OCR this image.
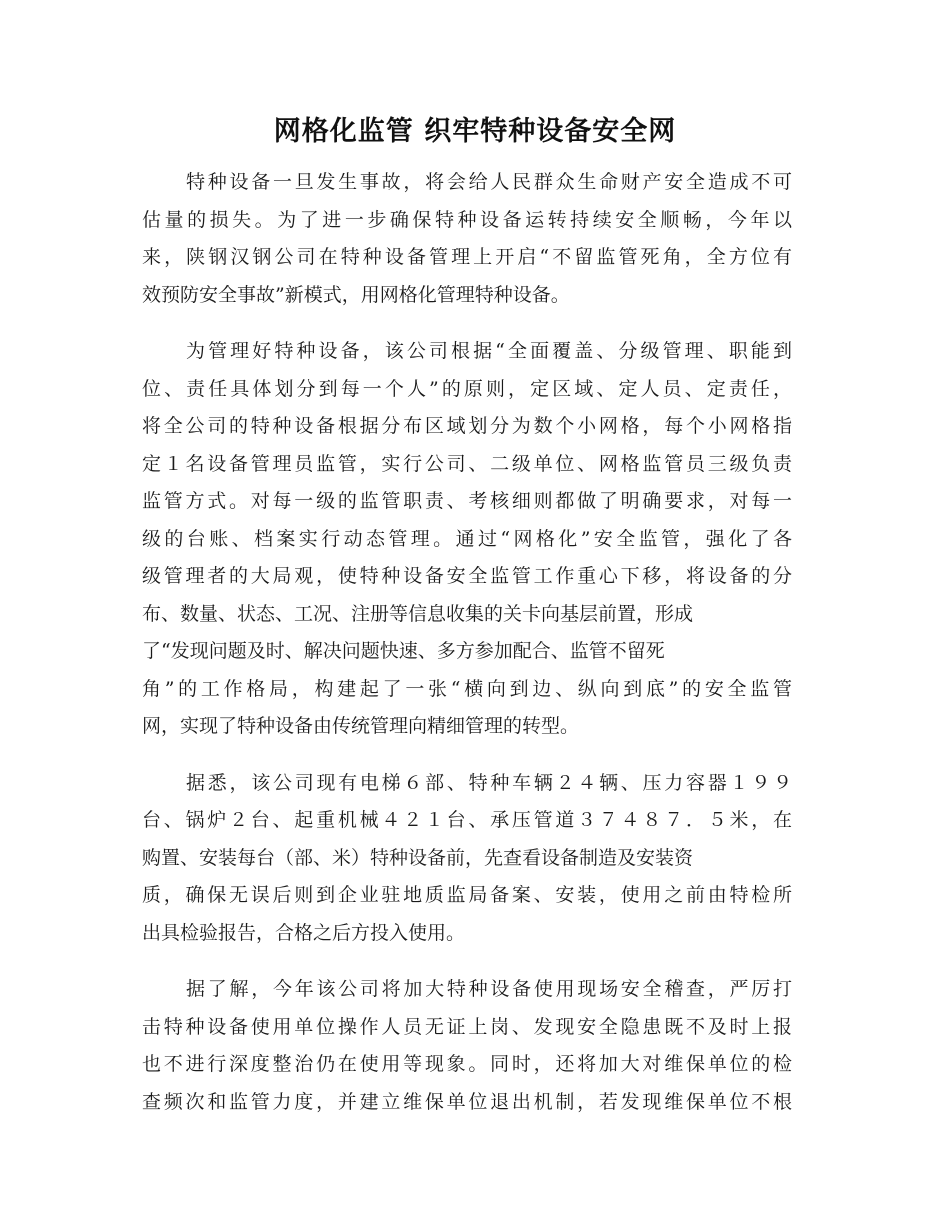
网格化监管 织牢特种设备安全网
特种设备一旦发生事故，将会给人民群众生命财产安全造成不可
估量的损失。为了进一步确保特种设备运转持续安全顺畅，今年以
来，陕钢汉钢公司在特种设备管理上开启“不留监管死角，全方位有
效预防安全事故”新模式，用网格化管理特种设备。
为管理好特种设备，该公司根据“全面覆盖、分级管理、职能到
位、责任具体划分到每一个人”的原则，定区域、定人员、定责任，
将全公司的特种设备根据分布区域划分为数个小网格，每个小网格指
定１名设备管理员监管，实行公司、二级单位、网格监管员三级负责
监管方式。对每一级的监管职责、考核细则都做了明确要求，对每一
级的台账、档案实行动态管理。通过“网格化”安全监管，强化了各
级管理者的大局观，使特种设备安全监管工作重心下移，将设备的分
布、数量、状态、工况、注册等信息收集的关卡向基层前置，形成
了“发现问题及时、解决问题快速、多方参加配合、监管不留死
角”的工作格局，构建起了一张“横向到边、纵向到底”的安全监管
网，实现了特种设备由传统管理向精细管理的转型。
据悉，该公司现有电梯６部、特种车辆２４辆、压力容器１９９
台、锅炉２台、起重机械４２１台、承压管道３７４８７．５米，在
购置、安装每台（部、米）特种设备前，先查看设备制造及安装资
质，确保无误后则到企业驻地质监局备案、安装，使用之前由特检所
出具检验报告，合格之后方投入使用。
据了解，今年该公司将加大特种设备使用现场安全稽查，严厉打
击特种设备使用单位操作人员无证上岗、发现安全隐患既不及时上报
也不进行深度整治仍在使用等现象。同时，还将加大对维保单位的检
查频次和监管力度，并建立维保单位退出机制，若发现维保单位不根
